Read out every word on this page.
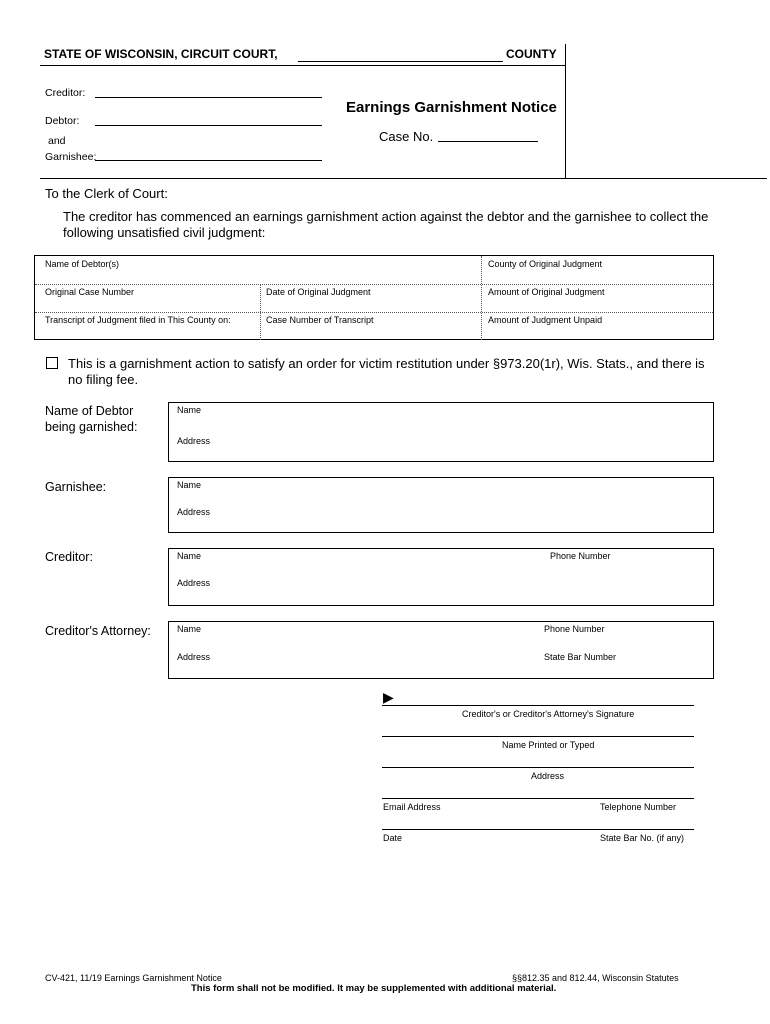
STATE OF WISCONSIN, CIRCUIT COURT,	COUNTY
Creditor:
Debtor:
and
Garnishee:
Earnings Garnishment Notice
Case No.
To the Clerk of Court:
The creditor has commenced an earnings garnishment action against the debtor and the garnishee to collect the following unsatisfied civil judgment:
Name of Debtor(s)	County of Original Judgment
Original Case Number	Date of Original Judgment	Amount of Original Judgment
Transcript of Judgment filed in This County on:	Case Number of Transcript	Amount of Judgment Unpaid
This is a garnishment action to satisfy an order for victim restitution under §973.20(1r), Wis. Stats., and there is no filing fee.
Name of Debtor being garnished:
Name
Address
Garnishee:	Name
Address
Creditor:	Name	Phone Number
Address
Creditor's Attorney:	Name	Phone Number
Address	State Bar Number
▶
Creditor's or Creditor's Attorney's Signature
Name Printed or Typed
Address
Email Address	Telephone Number
Date	State Bar No. (if any)
CV-421, 11/19 Earnings Garnishment Notice	§§812.35 and 812.44, Wisconsin Statutes
This form shall not be modified. It may be supplemented with additional material.
